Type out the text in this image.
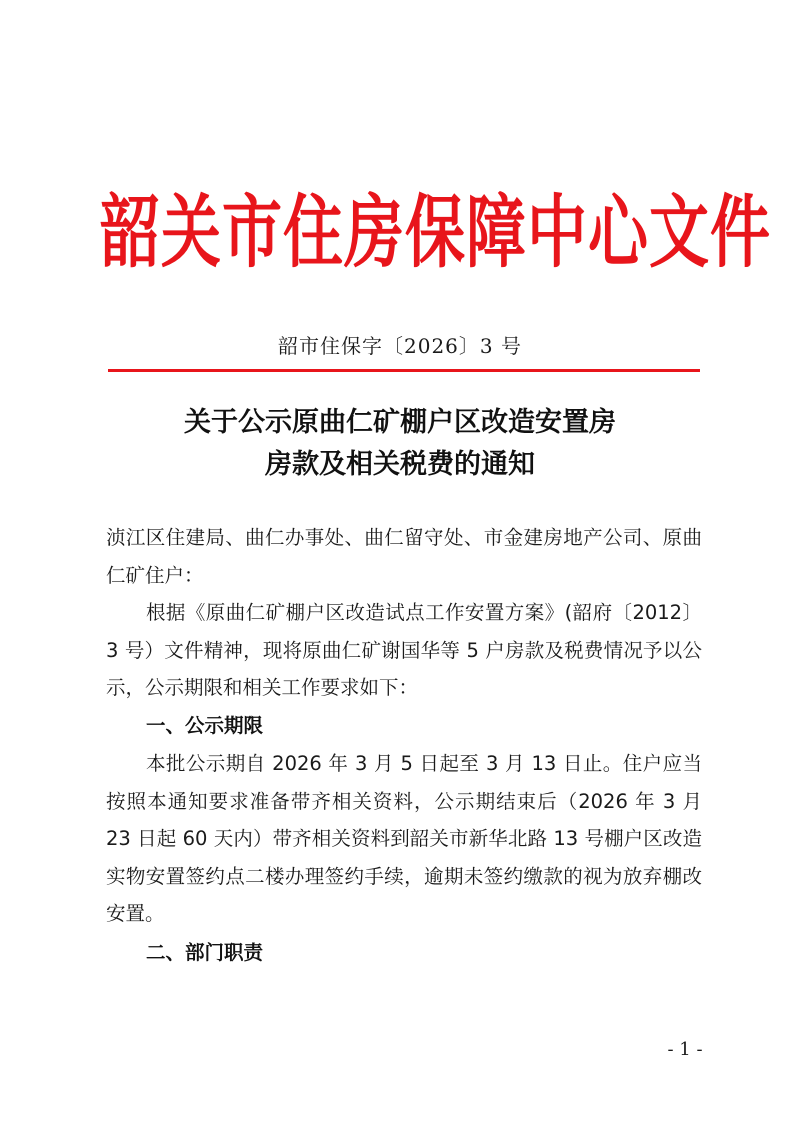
韶关市住房保障中心文件
韶市住保字〔2026〕3 号
关于公示原曲仁矿棚户区改造安置房
房款及相关税费的通知

浈江区住建局、曲仁办事处、曲仁留守处、市金建房地产公司、原曲仁矿住户：

根据《原曲仁矿棚户区改造试点工作安置方案》(韶府〔2012〕3 号）文件精神，现将原曲仁矿谢国华等 5 户房款及税费情况予以公示，公示期限和相关工作要求如下：

一、公示期限

本批公示期自 2026 年 3 月 5 日起至 3 月 13 日止。住户应当按照本通知要求准备带齐相关资料，公示期结束后（2026 年 3 月 23 日起 60 天内）带齐相关资料到韶关市新华北路 13 号棚户区改造实物安置签约点二楼办理签约手续，逾期未签约缴款的视为放弃棚改安置。

二、部门职责
- 1 -
